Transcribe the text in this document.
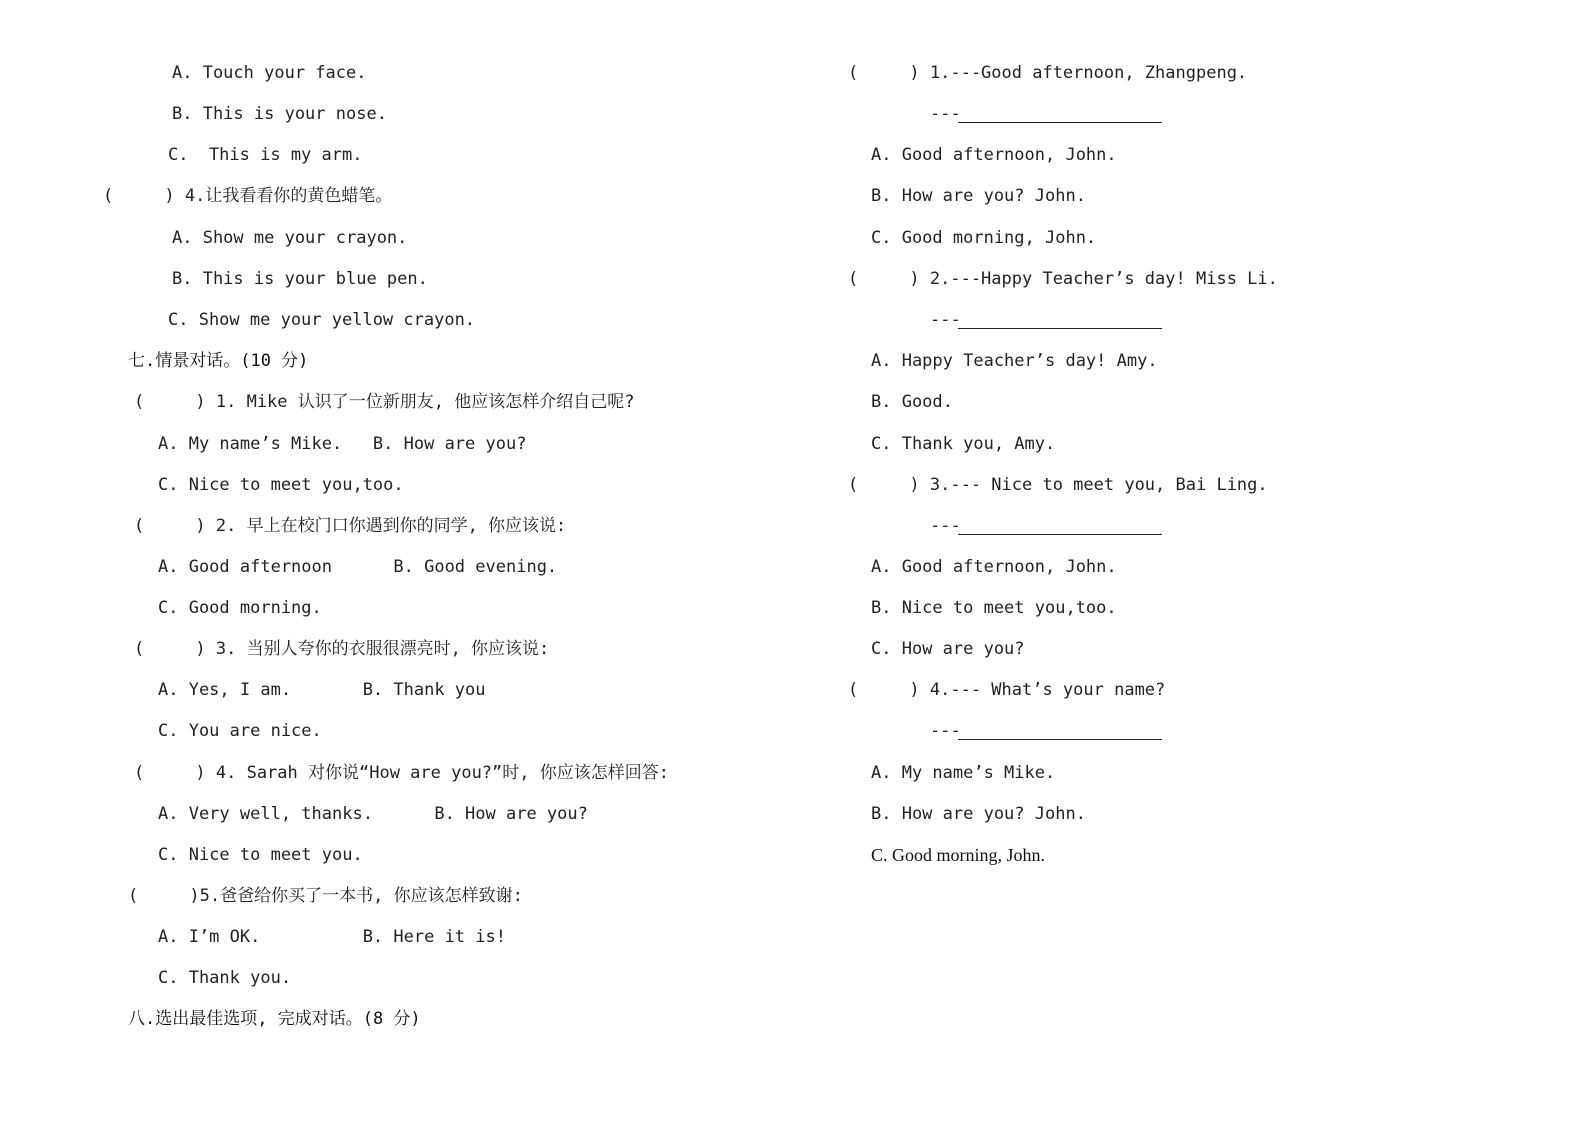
A. Touch your face.
B. This is your nose.
C.  This is my arm.
(     ) 4.让我看看你的黄色蜡笔。
A. Show me your crayon.
B. This is your blue pen.
C. Show me your yellow crayon.
七.情景对话。(10 分)
(     ) 1. Mike 认识了一位新朋友, 他应该怎样介绍自己呢?
A. My name’s Mike.   B. How are you?
C. Nice to meet you,too.
(     ) 2. 早上在校门口你遇到你的同学, 你应该说:
A. Good afternoon      B. Good evening.
C. Good morning.
(     ) 3. 当别人夸你的衣服很漂亮时, 你应该说:
A. Yes, I am.       B. Thank you
C. You are nice.
(     ) 4. Sarah 对你说“How are you?”时, 你应该怎样回答:
A. Very well, thanks.      B. How are you?
C. Nice to meet you.
(     )5.爸爸给你买了一本书, 你应该怎样致谢:
A. I’m OK.          B. Here it is!
C. Thank you.
八.选出最佳选项, 完成对话。(8 分)
(     ) 1.---Good afternoon, Zhangpeng.
---
A. Good afternoon, John.
B. How are you? John.
C. Good morning, John.
(     ) 2.---Happy Teacher’s day! Miss Li.
---
A. Happy Teacher’s day! Amy.
B. Good.
C. Thank you, Amy.
(     ) 3.--- Nice to meet you, Bai Ling.
---
A. Good afternoon, John.
B. Nice to meet you,too.
C. How are you?
(     ) 4.--- What’s your name?
---
A. My name’s Mike.
B. How are you? John.
C. Good morning, John.
